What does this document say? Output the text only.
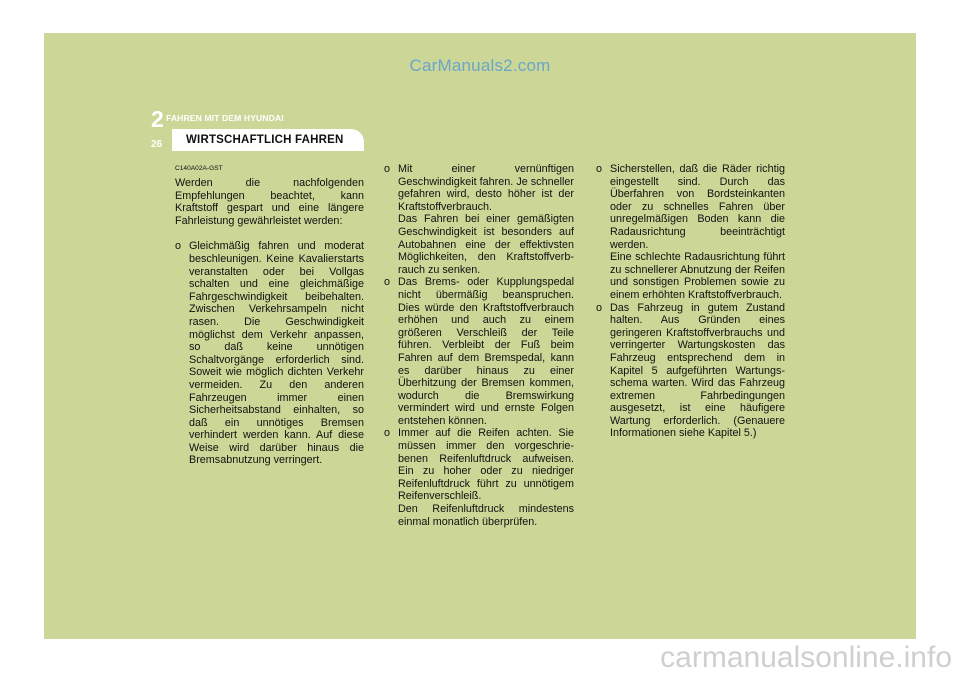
CarManuals2.com
2 FAHREN MIT DEM HYUNDAI
26 WIRTSCHAFTLICH FAHREN
C140A02A-GST

Werden die nachfolgenden Empfehlungen beachtet, kann Kraftstoff gespart und eine längere Fahrleistung gewährleistet werden:

o Gleichmäßig fahren und moderat beschleunigen. Keine Kavalierstarts veranstalten oder bei Vollgas schalten und eine gleichmäßige Fahrgeschwindigkeit beibehalten. Zwischen Verkehrsampeln nicht rasen. Die Geschwindigkeit möglichst dem Verkehr anpassen, so daß keine unnötigen Schaltvorgänge erforderlich sind. Soweit wie möglich dichten Verkehr vermeiden. Zu den anderen Fahrzeugen immer einen Sicherheitsabstand einhalten, so daß ein unnötiges Bremsen verhindert werden kann. Auf diese Weise wird darüber hinaus die Bremsabnutzung verringert.
o Mit einer vernünftigen Geschwindigkeit fahren. Je schneller gefahren wird, desto höher ist der Kraftstoffverbrauch.
Das Fahren bei einer gemäßigten Geschwindigkeit ist besonders auf Autobahnen eine der effektivsten Möglichkeiten, den Kraftstoffverb-rauch zu senken.
o Das Brems- oder Kupplungspedal nicht übermäßig beanspruchen. Dies würde den Kraftstoffverbrauch erhöhen und auch zu einem größeren Verschleiß der Teile führen. Verbleibt der Fuß beim Fahren auf dem Bremspedal, kann es darüber hinaus zu einer Überhitzung der Bremsen kommen, wodurch die Bremswirkung vermindert wird und ernste Folgen entstehen können.
o Immer auf die Reifen achten. Sie müssen immer den vorgeschrie-benen Reifenluftdruck aufweisen. Ein zu hoher oder zu niedriger Reifenluftdruck führt zu unnötigem Reifenverschleiß.
Den Reifenluftdruck mindestens einmal monatlich überprüfen.
o Sicherstellen, daß die Räder richtig eingestellt sind. Durch das Überfahren von Bordsteinkanten oder zu schnelles Fahren über unregelmäßigen Boden kann die Radausrichtung beeinträchtigt werden.
Eine schlechte Radausrichtung führt zu schnellerer Abnutzung der Reifen und sonstigen Problemen sowie zu einem erhöhten Kraftstoffverbrauch.
o Das Fahrzeug in gutem Zustand halten. Aus Gründen eines geringeren Kraftstoffverbrauchs und verringerter Wartungskosten das Fahrzeug entsprechend dem in Kapitel 5 aufgeführten Wartungs-schema warten. Wird das Fahrzeug extremen Fahrbedingungen ausgesetzt, ist eine häufigere Wartung erforderlich. (Genauere Informationen siehe Kapitel 5.)
carmanualsonline.info
